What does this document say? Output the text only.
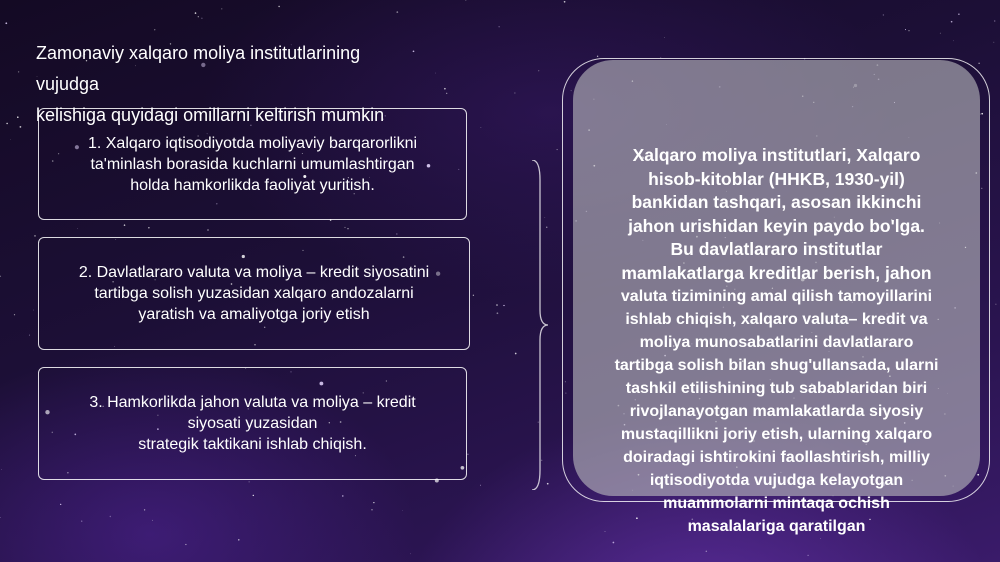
Zamonaviy xalqaro moliya institutlarining
vujudga
kelishiga quyidagi omillarni keltirish mumkin
1. Xalqaro iqtisodiyotda moliyaviy barqarorlikni
ta'minlash borasida kuchlarni umumlashtirgan
holda hamkorlikda faoliyat yuritish.
2. Davlatlararo valuta va moliya – kredit siyosatini
tartibga solish yuzasidan xalqaro andozalarni
yaratish va amaliyotga joriy etish
3. Hamkorlikda jahon valuta va moliya – kredit
siyosati yuzasidan
strategik taktikani ishlab chiqish.
Xalqaro moliya institutlari, Xalqaro
hisob-kitoblar (HHKB, 1930-yil)
bankidan tashqari, asosan ikkinchi
jahon urishidan keyin paydo bo'lga.
Bu davlatlararo institutlar
mamlakatlarga kreditlar berish, jahon
valuta tizimining amal qilish tamoyillarini
ishlab chiqish, xalqaro valuta– kredit va
moliya munosabatlarini davlatlararo
tartibga solish bilan shug'ullansada, ularni
tashkil etilishining tub sabablaridan biri
rivojlanayotgan mamlakatlarda siyosiy
mustaqillikni joriy etish, ularning xalqaro
doiradagi ishtirokini faollashtirish, milliy
iqtisodiyotda vujudga kelayotgan
muammolarni mintaqa ochish
masalalariga qaratilgan
